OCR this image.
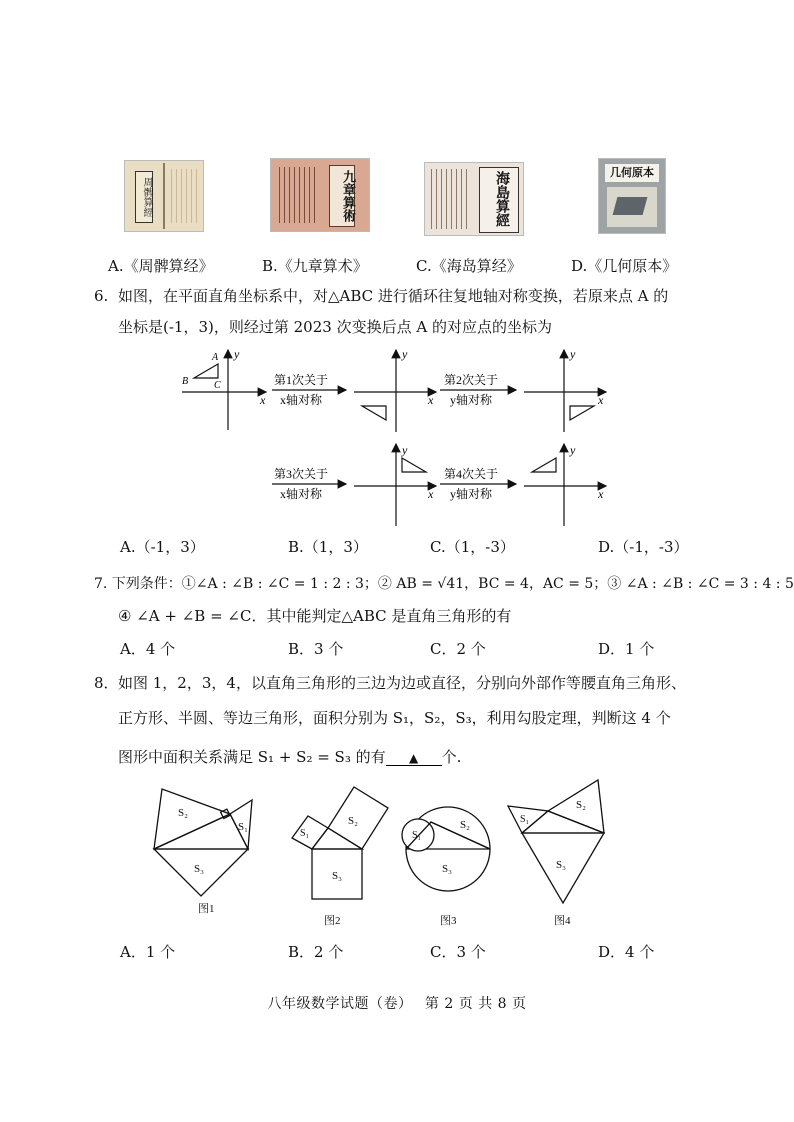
周髀算經	九章算術	海島算經	几何原本
A.《周髀算经》	B.《九章算术》	C.《海岛算经》	D.《几何原本》
6. 如图，在平面直角坐标系中，对△ABC 进行循环往复地轴对称变换，若原来点 A 的
坐标是(-1，3)，则经过第 2023 次变换后点 A 的对应点的坐标为
B
A
C
y
x
第1次关于
x轴对称
y
x
第2次关于
y轴对称
y
x
第3次关于
x轴对称
y
x
第4次关于
y轴对称
y
x
A.（-1，3）	B.（1，3）	C.（1，-3）	D.（-1，-3）
7. 下列条件：①∠A : ∠B : ∠C = 1 : 2 : 3；② AB = √41，BC = 4，AC = 5；③ ∠A : ∠B : ∠C = 3 : 4 : 5
④ ∠A + ∠B = ∠C．其中能判定△ABC 是直角三角形的有
A．4 个	B．3 个	C．2 个	D．1 个
8． 如图 1，2，3，4，以直角三角形的三边为边或直径，分别向外部作等腰直角三角形、
正方形、半圆、等边三角形，面积分别为 S₁，S₂，S₃，利用勾股定理，判断这 4 个
图形中面积关系满足 S₁ + S₂ = S₃ 的有 ▲ 个.
S₂
S₁
S₃
图1
S₁
S₂
S₃
图2
S₁
S₂
S₃
图3
S₁
S₂
S₃
图4
A．1 个	B．2 个	C．3 个	D．4 个
八年级数学试题（卷）　 第 2 页 共 8 页
